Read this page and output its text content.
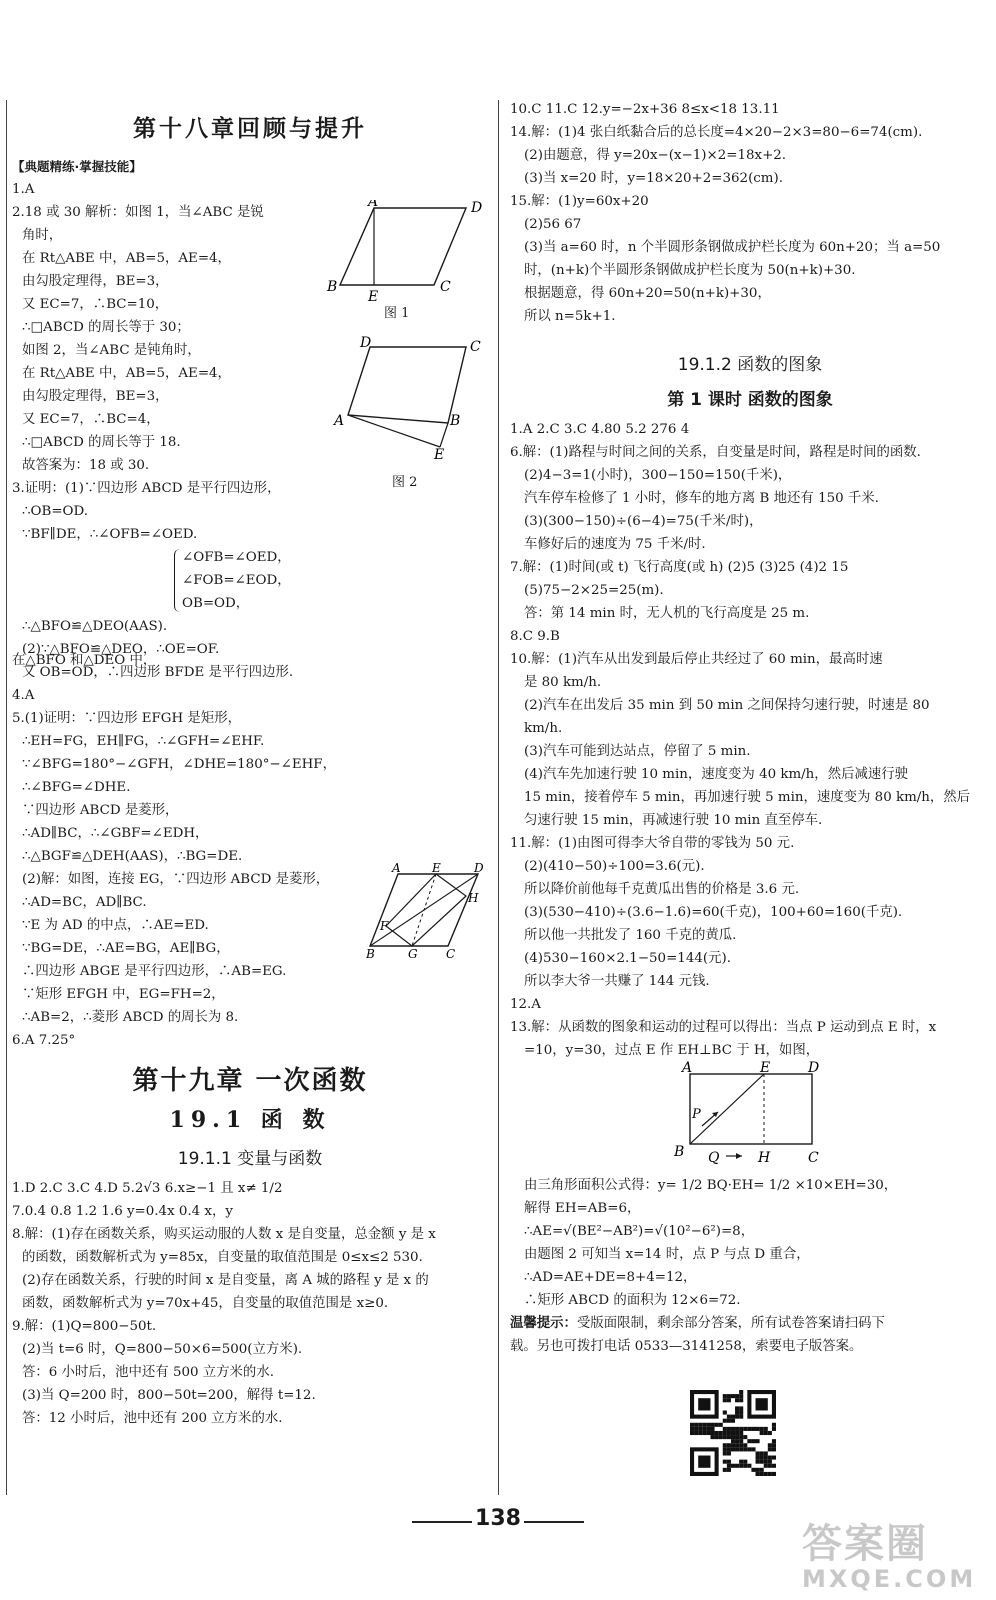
第十八章回顾与提升
【典题精练·掌握技能】
1.A
2.18 或 30 解析：如图 1，当∠ABC 是锐
角时，
在 Rt△ABE 中，AB=5，AE=4，
由勾股定理得，BE=3，
又 EC=7，∴BC=10，
∴□ABCD 的周长等于 30；
如图 2，当∠ABC 是钝角时，
在 Rt△ABE 中，AB=5，AE=4，
由勾股定理得，BE=3，
又 EC=7，∴BC=4，
∴□ABCD 的周长等于 18.
故答案为：18 或 30.
3.证明：(1)∵四边形 ABCD 是平行四边形，
∴OB=OD.
∵BF∥DE，∴∠OFB=∠OED.
∠OFB=∠OED，
在△BFO 和△DEO 中，
∠FOB=∠EOD，
OB=OD，
∴△BFO≌△DEO(AAS).
(2)∵△BFO≌△DEO，∴OE=OF.
又 OB=OD，∴四边形 BFDE 是平行四边形.
4.A
5.(1)证明：∵四边形 EFGH 是矩形，
∴EH=FG，EH∥FG，∴∠GFH=∠EHF.
∵∠BFG=180°−∠GFH，∠DHE=180°−∠EHF，
∴∠BFG=∠DHE.
∵四边形 ABCD 是菱形，
∴AD∥BC，∴∠GBF=∠EDH，
∴△BGF≌△DEH(AAS)，∴BG=DE.
(2)解：如图，连接 EG，∵四边形 ABCD 是菱形，
∴AD=BC，AD∥BC.
∵E 为 AD 的中点，∴AE=ED.
∵BG=DE，∴AE=BG，AE∥BG，
∴四边形 ABGE 是平行四边形，∴AB=EG.
∵矩形 EFGH 中，EG=FH=2，
∴AB=2，∴菱形 ABCD 的周长为 8.
6.A 7.25°
第十九章 一次函数
19.1 函 数
19.1.1 变量与函数
1.D 2.C 3.C 4.D 5.2√3 6.x≥−1 且 x≠ 1/2
7.0.4 0.8 1.2 1.6 y=0.4x 0.4 x，y
8.解：(1)存在函数关系，购买运动服的人数 x 是自变量，总金额 y 是 x
的函数，函数解析式为 y=85x，自变量的取值范围是 0≤x≤2 530.
(2)存在函数关系，行驶的时间 x 是自变量，离 A 城的路程 y 是 x 的
函数，函数解析式为 y=70x+45，自变量的取值范围是 x≥0.
9.解：(1)Q=800−50t.
(2)当 t=6 时，Q=800−50×6=500(立方米).
答：6 小时后，池中还有 500 立方米的水.
(3)当 Q=200 时，800−50t=200，解得 t=12.
答：12 小时后，池中还有 200 立方米的水.
A	D
B
E
C
图 1
D	C
A	B
E
图 2
A	E	D
H
F
B	G C
10.C 11.C 12.y=−2x+36 8≤x<18 13.11
14.解：(1)4 张白纸黏合后的总长度=4×20−2×3=80−6=74(cm).
(2)由题意，得 y=20x−(x−1)×2=18x+2.
(3)当 x=20 时，y=18×20+2=362(cm).
15.解：(1)y=60x+20
(2)56 67
(3)当 a=60 时，n 个半圆形条钢做成护栏长度为 60n+20；当 a=50
时，(n+k)个半圆形条钢做成护栏长度为 50(n+k)+30.
根据题意，得 60n+20=50(n+k)+30，
所以 n=5k+1.
19.1.2 函数的图象
第 1 课时 函数的图象
1.A 2.C 3.C 4.80 5.2 276 4
6.解：(1)路程与时间之间的关系，自变量是时间，路程是时间的函数.
(2)4−3=1(小时)，300−150=150(千米)，
汽车停车检修了 1 小时，修车的地方离 B 地还有 150 千米.
(3)(300−150)÷(6−4)=75(千米/时)，
车修好后的速度为 75 千米/时.
7.解：(1)时间(或 t) 飞行高度(或 h) (2)5 (3)25 (4)2 15
(5)75−2×25=25(m).
答：第 14 min 时，无人机的飞行高度是 25 m.
8.C 9.B
10.解：(1)汽车从出发到最后停止共经过了 60 min，最高时速
是 80 km/h.
(2)汽车在出发后 35 min 到 50 min 之间保持匀速行驶，时速是 80
km/h.
(3)汽车可能到达站点，停留了 5 min.
(4)汽车先加速行驶 10 min，速度变为 40 km/h，然后减速行驶
15 min，接着停车 5 min，再加速行驶 5 min，速度变为 80 km/h，然后
匀速行驶 15 min，再减速行驶 10 min 直至停车.
11.解：(1)由图可得李大爷自带的零钱为 50 元.
(2)(410−50)÷100=3.6(元).
所以降价前他每千克黄瓜出售的价格是 3.6 元.
(3)(530−410)÷(3.6−1.6)=60(千克)，100+60=160(千克).
所以他一共批发了 160 千克的黄瓜.
(4)530−160×2.1−50=144(元).
所以李大爷一共赚了 144 元钱.
12.A
13.解：从函数的图象和运动的过程可以得出：当点 P 运动到点 E 时，x
=10，y=30，过点 E 作 EH⊥BC 于 H，如图，
由三角形面积公式得：y= 1/2 BQ·EH= 1/2 ×10×EH=30，
解得 EH=AB=6，
∴AE=√(BE²−AB²)=√(10²−6²)=8，
由题图 2 可知当 x=14 时，点 P 与点 D 重合，
∴AD=AE+DE=8+4=12，
∴矩形 ABCD 的面积为 12×6=72.
温馨提示：受版面限制，剩余部分答案，所有试卷答案请扫码下
载。另也可拨打电话 0533—3141258，索要电子版答案。
A	E	D
P
B Q	H	C
138
答案圈
MXQE.COM
